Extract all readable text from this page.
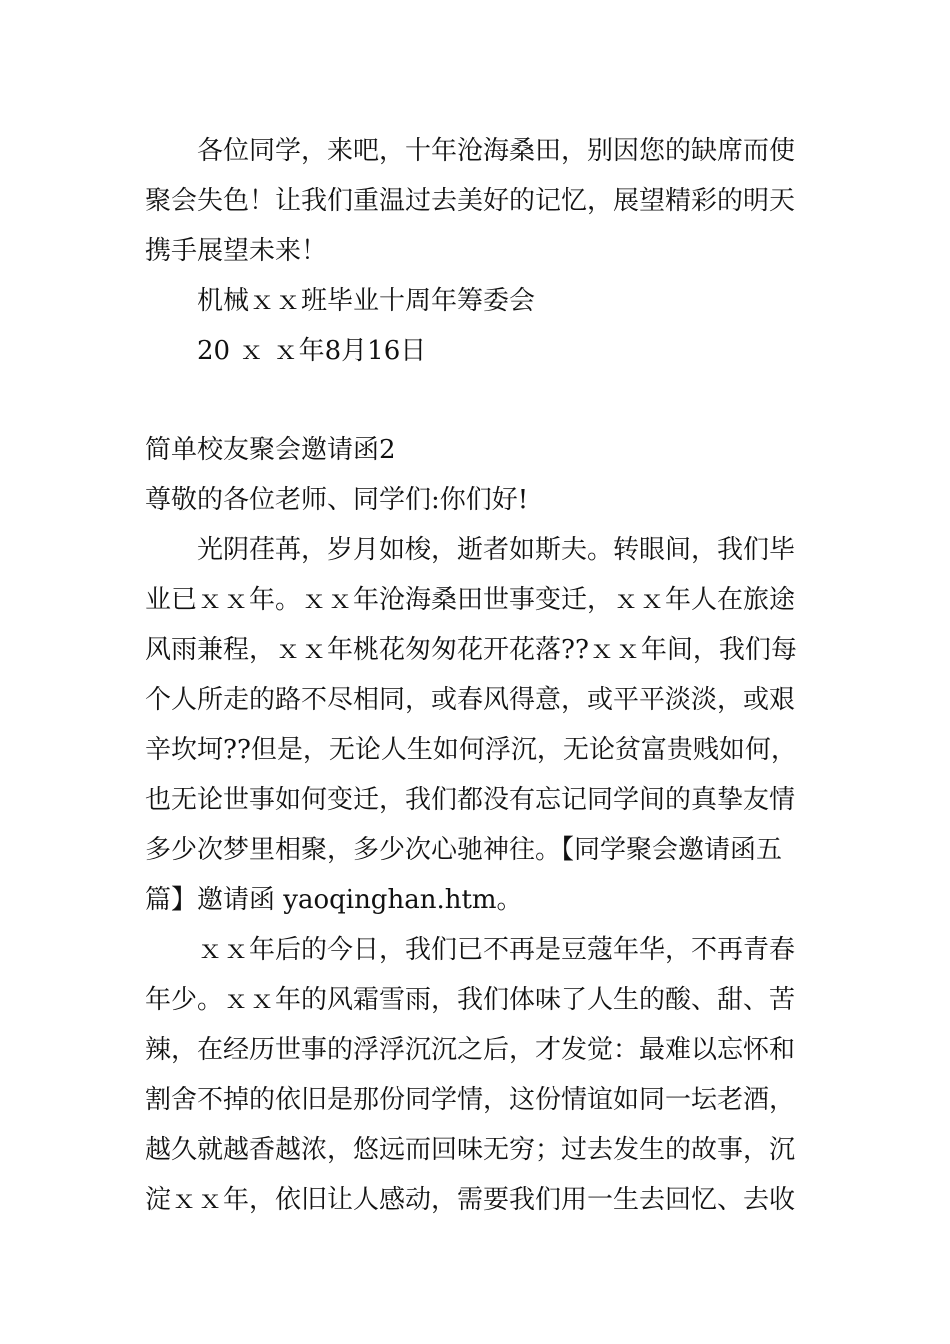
各位同学，来吧，十年沧海桑田，别因您的缺席而使
聚会失色！让我们重温过去美好的记忆，展望精彩的明天
携手展望未来！
机械ｘｘ班毕业十周年筹委会
20 ｘ ｘ年8月16日
简单校友聚会邀请函2
尊敬的各位老师、同学们:你们好!
光阴荏苒，岁月如梭，逝者如斯夫。转眼间，我们毕
业已ｘｘ年。ｘｘ年沧海桑田世事变迁，ｘｘ年人在旅途
风雨兼程，ｘｘ年桃花匆匆花开花落??ｘｘ年间，我们每
个人所走的路不尽相同，或春风得意，或平平淡淡，或艰
辛坎坷??但是，无论人生如何浮沉，无论贫富贵贱如何，
也无论世事如何变迁，我们都没有忘记同学间的真挚友情
多少次梦里相聚，多少次心驰神往。【同学聚会邀请函五
篇】邀请函 yaoqinghan.htm。
ｘｘ年后的今日，我们已不再是豆蔻年华，不再青春
年少。ｘｘ年的风霜雪雨，我们体味了人生的酸、甜、苦
辣，在经历世事的浮浮沉沉之后，才发觉：最难以忘怀和
割舍不掉的依旧是那份同学情，这份情谊如同一坛老酒，
越久就越香越浓，悠远而回味无穷；过去发生的故事，沉
淀ｘｘ年，依旧让人感动，需要我们用一生去回忆、去收
